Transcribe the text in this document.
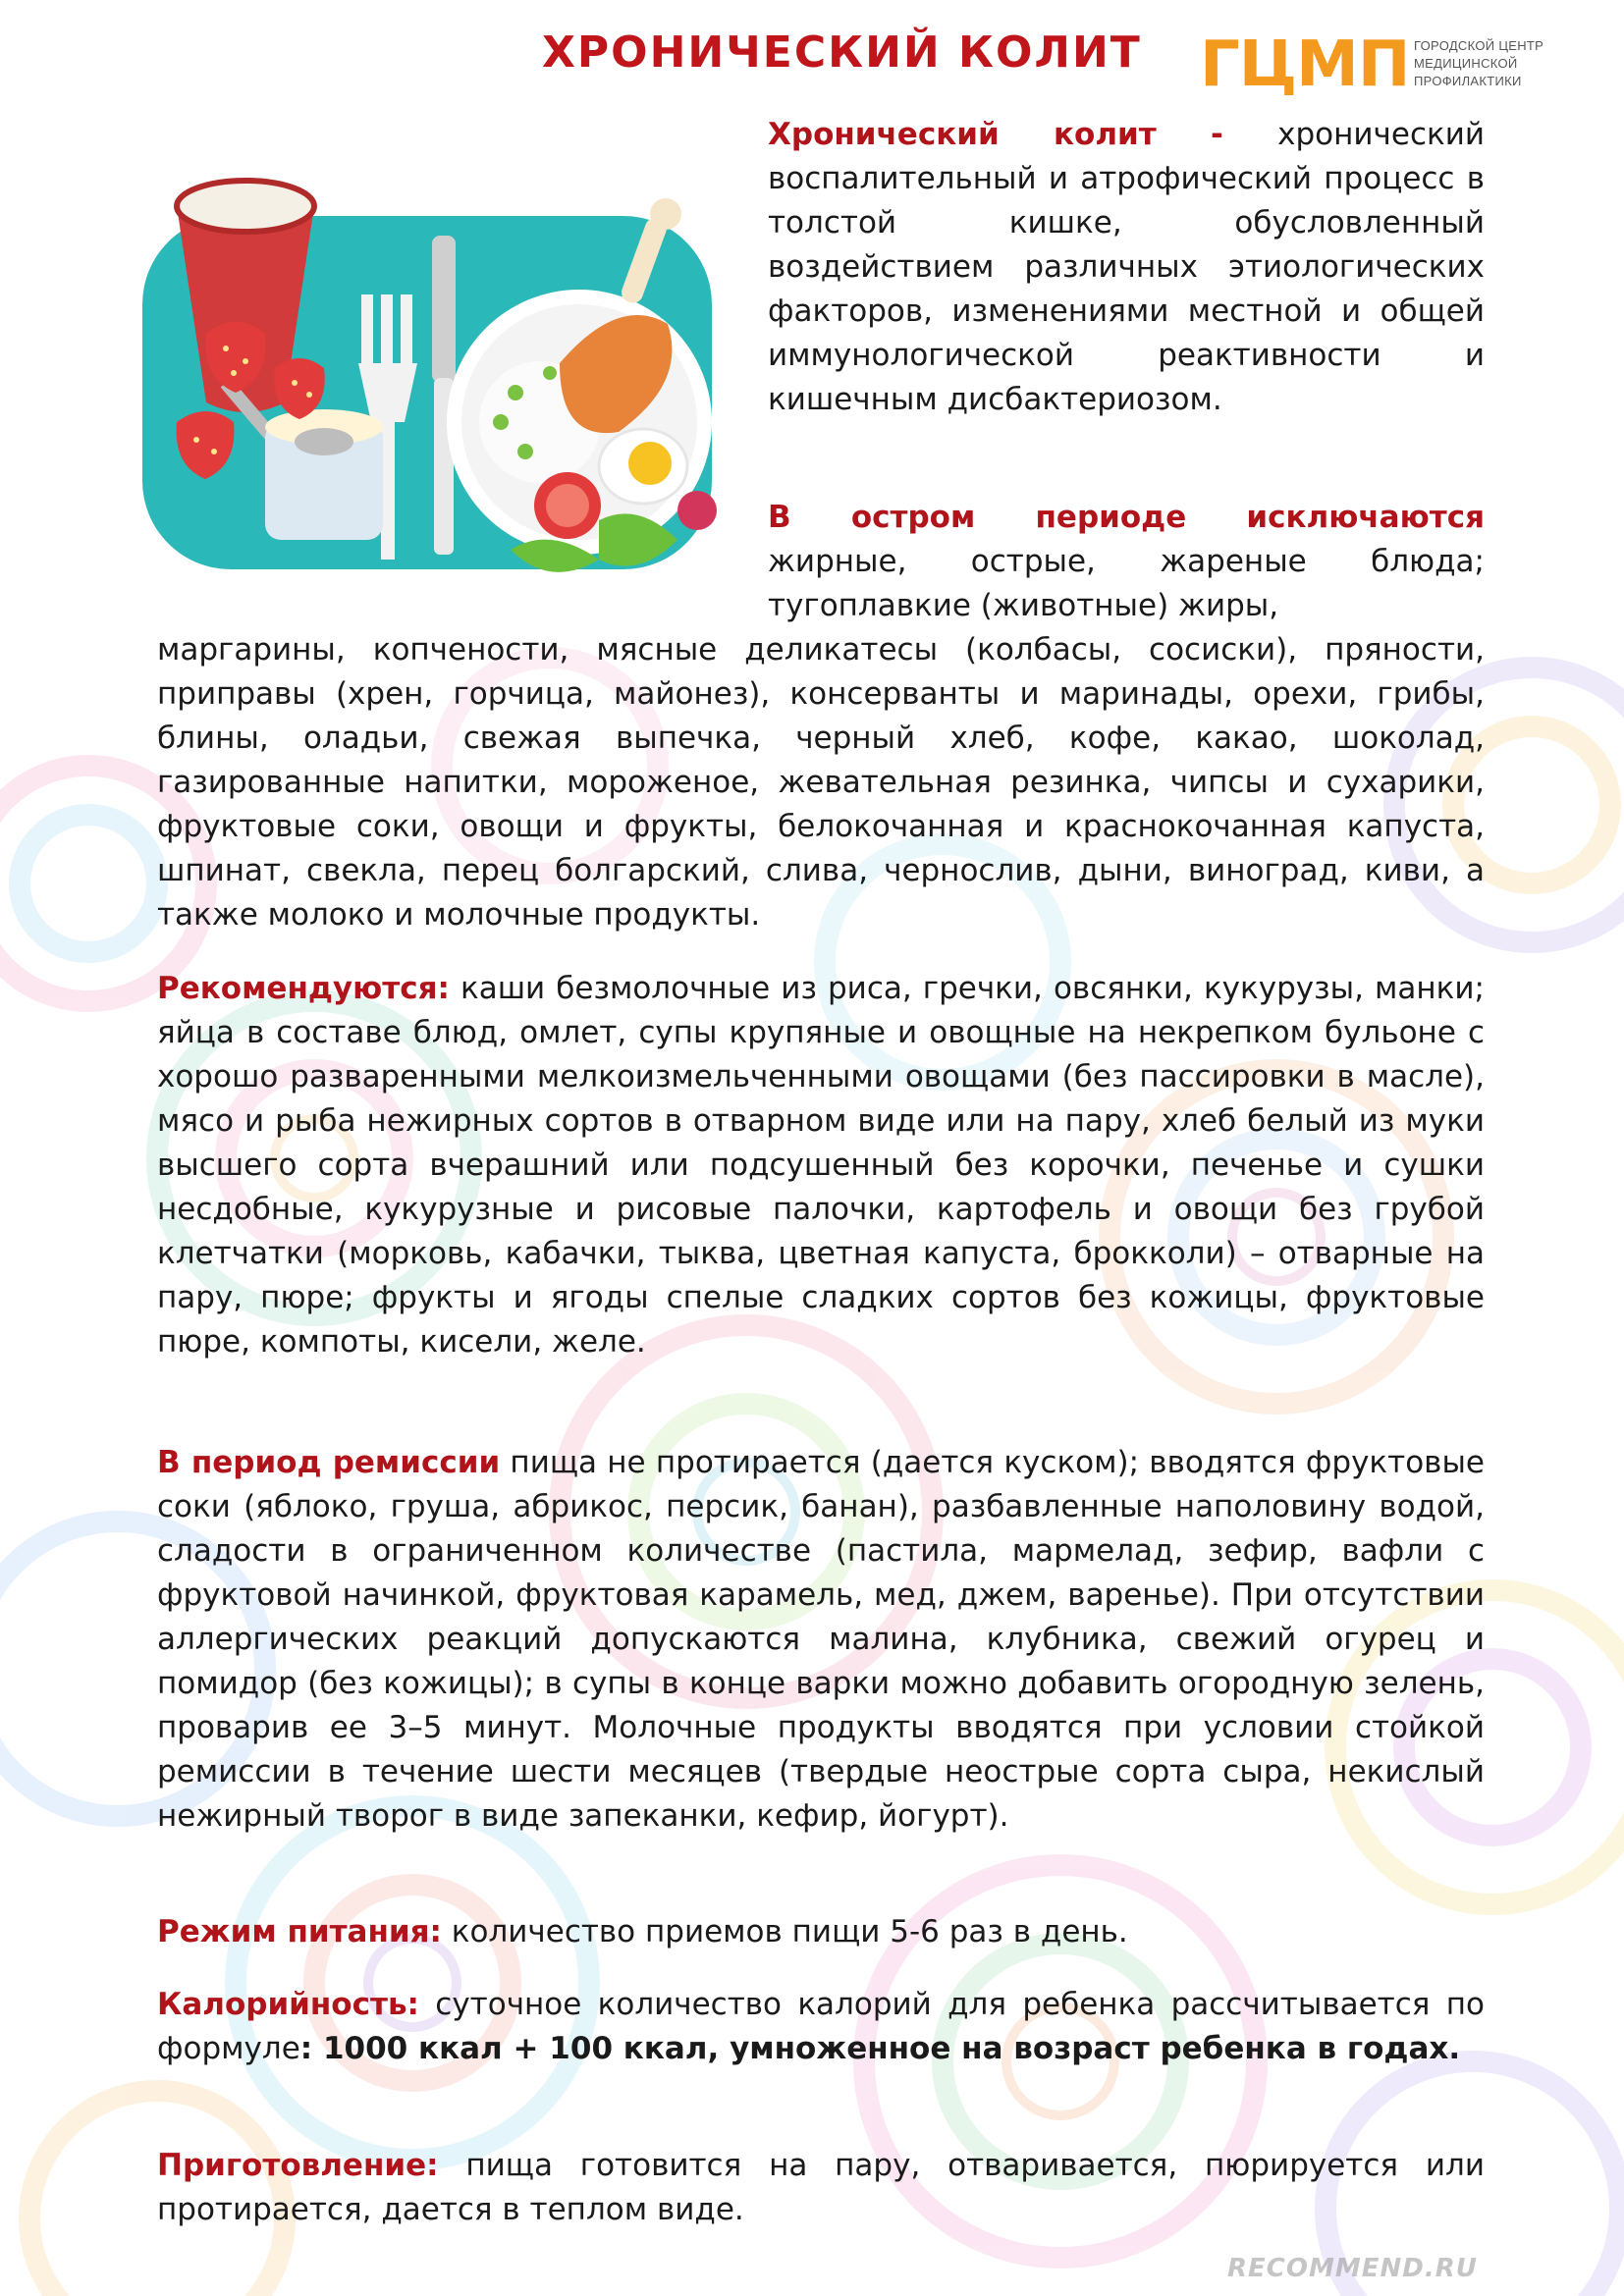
ХРОНИЧЕСКИЙ КОЛИТ ГЦМП ГОРОДСКОЙ ЦЕНТР
МЕДИЦИНСКОЙ
ПРОФИЛАКТИКИ

Хронический колит - хронический воспалительный и атрофический процесс в толстой кишке, обусловленный воздействием различных этиологических факторов, изменениями местной и общей иммунологической реактивности и кишечным дисбактериозом.

В остром периоде исключаются жирные, острые, жареные блюда; тугоплавкие (животные) жиры,

маргарины, копчености, мясные деликатесы (колбасы, сосиски), пряности, приправы (хрен, горчица, майонез), консерванты и маринады, орехи, грибы, блины, оладьи, свежая выпечка, черный хлеб, кофе, какао, шоколад, газированные напитки, мороженое, жевательная резинка, чипсы и сухарики, фруктовые соки, овощи и фрукты, белокочанная и краснокочанная капуста, шпинат, свекла, перец болгарский, слива, чернослив, дыни, виноград, киви, а также молоко и молочные продукты.

Рекомендуются: каши безмолочные из риса, гречки, овсянки, кукурузы, манки; яйца в составе блюд, омлет, супы крупяные и овощные на некрепком бульоне с хорошо разваренными мелкоизмельченными овощами (без пассировки в масле), мясо и рыба нежирных сортов в отварном виде или на пару, хлеб белый из муки высшего сорта вчерашний или подсушенный без корочки, печенье и сушки несдобные, кукурузные и рисовые палочки, картофель и овощи без грубой клетчатки (морковь, кабачки, тыква, цветная капуста, брокколи) – отварные на пару, пюре; фрукты и ягоды спелые сладких сортов без кожицы, фруктовые пюре, компоты, кисели, желе.

В период ремиссии пища не протирается (дается куском); вводятся фруктовые соки (яблоко, груша, абрикос, персик, банан), разбавленные наполовину водой, сладости в ограниченном количестве (пастила, мармелад, зефир, вафли с фруктовой начинкой, фруктовая карамель, мед, джем, варенье). При отсутствии аллергических реакций допускаются малина, клубника, свежий огурец и помидор (без кожицы); в супы в конце варки можно добавить огородную зелень, проварив ее 3–5 минут. Молочные продукты вводятся при условии стойкой ремиссии в течение шести месяцев (твердые неострые сорта сыра, некислый нежирный творог в виде запеканки, кефир, йогурт).

Режим питания: количество приемов пищи 5-6 раз в день.

Калорийность: суточное количество калорий для ребенка рассчитывается по формуле: 1000 ккал + 100 ккал, умноженное на возраст ребенка в годах.

Приготовление: пища готовится на пару, отваривается, пюрируется или протирается, дается в теплом виде.

RECOMMEND.RU
